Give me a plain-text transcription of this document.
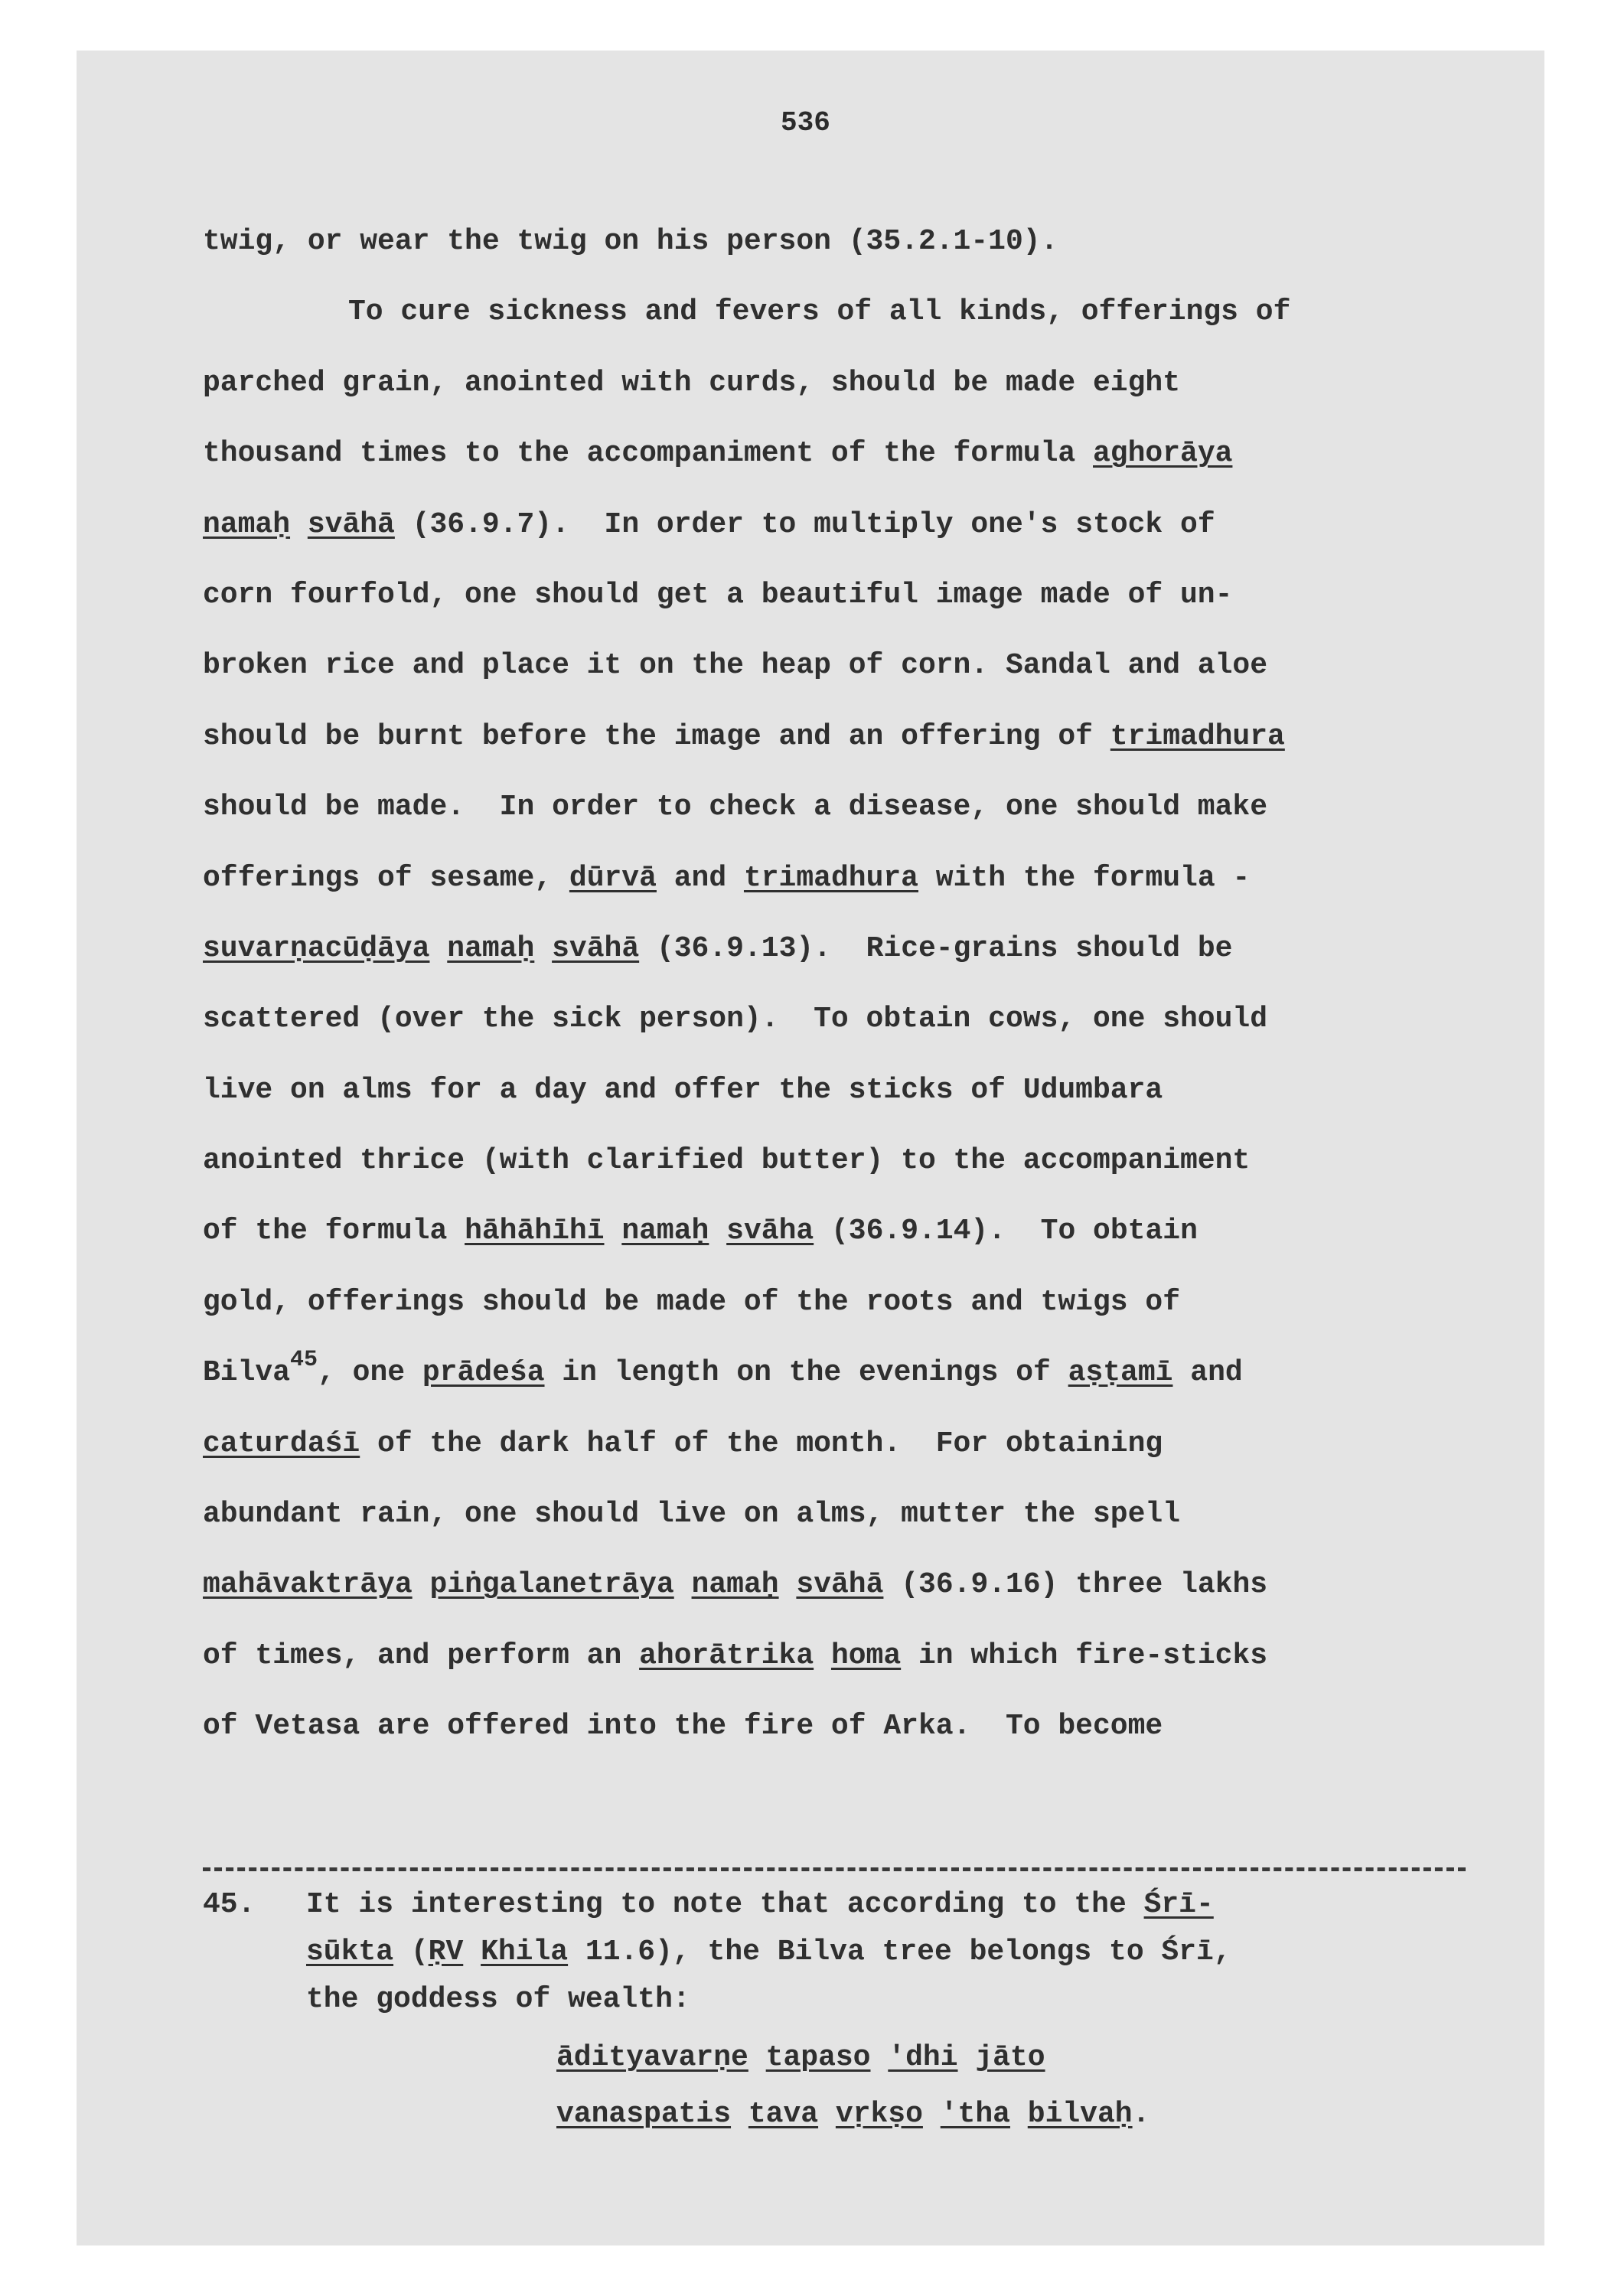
536
twig, or wear the twig on his person (35.2.1-10).
To cure sickness and fevers of all kinds, offerings of
parched grain, anointed with curds, should be made eight
thousand times to the accompaniment of the formula aghorāya
namaḥ svāhā (36.9.7).  In order to multiply one's stock of
corn fourfold, one should get a beautiful image made of un-
broken rice and place it on the heap of corn. Sandal and aloe
should be burnt before the image and an offering of trimadhura
should be made.  In order to check a disease, one should make
offerings of sesame, dūrvā and trimadhura with the formula -
suvarṇacūḍāya namaḥ svāhā (36.9.13).  Rice-grains should be
scattered (over the sick person).  To obtain cows, one should
live on alms for a day and offer the sticks of Udumbara
anointed thrice (with clarified butter) to the accompaniment
of the formula hāhāhīhī namaḥ svāha (36.9.14).  To obtain
gold, offerings should be made of the roots and twigs of
Bilva$^{45}$, one prādeśa in length on the evenings of aṣṭamī and
caturdaśī of the dark half of the month.  For obtaining
abundant rain, one should live on alms, mutter the spell
mahāvaktrāya piṅgalanetrāya namaḥ svāhā (36.9.16) three lakhs
of times, and perform an ahorātrika homa in which fire-sticks
of Vetasa are offered into the fire of Arka.  To become
45. It is interesting to note that according to the Śrī-
sūkta (ṚV Khila 11.6), the Bilva tree belongs to Śrī,
the goddess of wealth:
ādityavarṇe tapaso 'dhi jāto
vanaspatis tava vṛkṣo 'tha bilvaḥ.
